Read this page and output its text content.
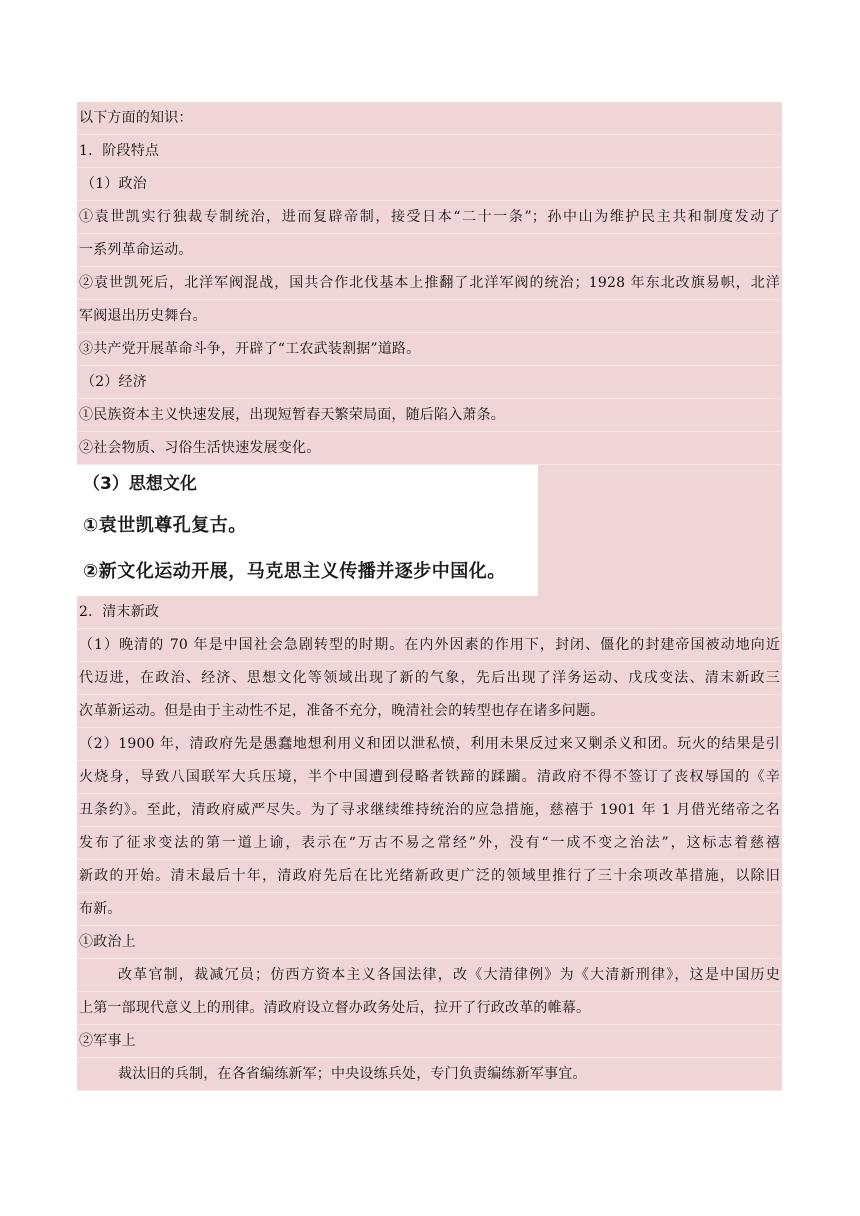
以下方面的知识：
1．阶段特点
（1）政治
①袁世凯实行独裁专制统治，进而复辟帝制，接受日本“二十一条”；孙中山为维护民主共和制度发动了
一系列革命运动。
②袁世凯死后，北洋军阀混战，国共合作北伐基本上推翻了北洋军阀的统治；1928 年东北改旗易帜，北洋
军阀退出历史舞台。
③共产党开展革命斗争，开辟了“工农武装割据”道路。
（2）经济
①民族资本主义快速发展，出现短暂春天繁荣局面，随后陷入萧条。
②社会物质、习俗生活快速发展变化。
（3）思想文化
①袁世凯尊孔复古。
②新文化运动开展，马克思主义传播并逐步中国化。
2．清末新政
（1）晚清的 70 年是中国社会急剧转型的时期。在内外因素的作用下，封闭、僵化的封建帝国被动地向近
代迈进，在政治、经济、思想文化等领域出现了新的气象，先后出现了洋务运动、戊戌变法、清末新政三
次革新运动。但是由于主动性不足，准备不充分，晚清社会的转型也存在诸多问题。
（2）1900 年，清政府先是愚蠢地想利用义和团以泄私愤，利用未果反过来又剿杀义和团。玩火的结果是引
火烧身，导致八国联军大兵压境，半个中国遭到侵略者铁蹄的蹂躏。清政府不得不签订了丧权辱国的《辛
丑条约》。至此，清政府威严尽失。为了寻求继续维持统治的应急措施，慈禧于 1901 年 1 月借光绪帝之名
发布了征求变法的第一道上谕，表示在“万古不易之常经”外，没有“一成不变之治法”，这标志着慈禧
新政的开始。清末最后十年，清政府先后在比光绪新政更广泛的领域里推行了三十余项改革措施，以除旧
布新。
①政治上
改革官制，裁减冗员；仿西方资本主义各国法律，改《大清律例》为《大清新刑律》，这是中国历史
上第一部现代意义上的刑律。清政府设立督办政务处后，拉开了行政改革的帷幕。
②军事上
裁汰旧的兵制，在各省编练新军；中央设练兵处，专门负责编练新军事宜。
